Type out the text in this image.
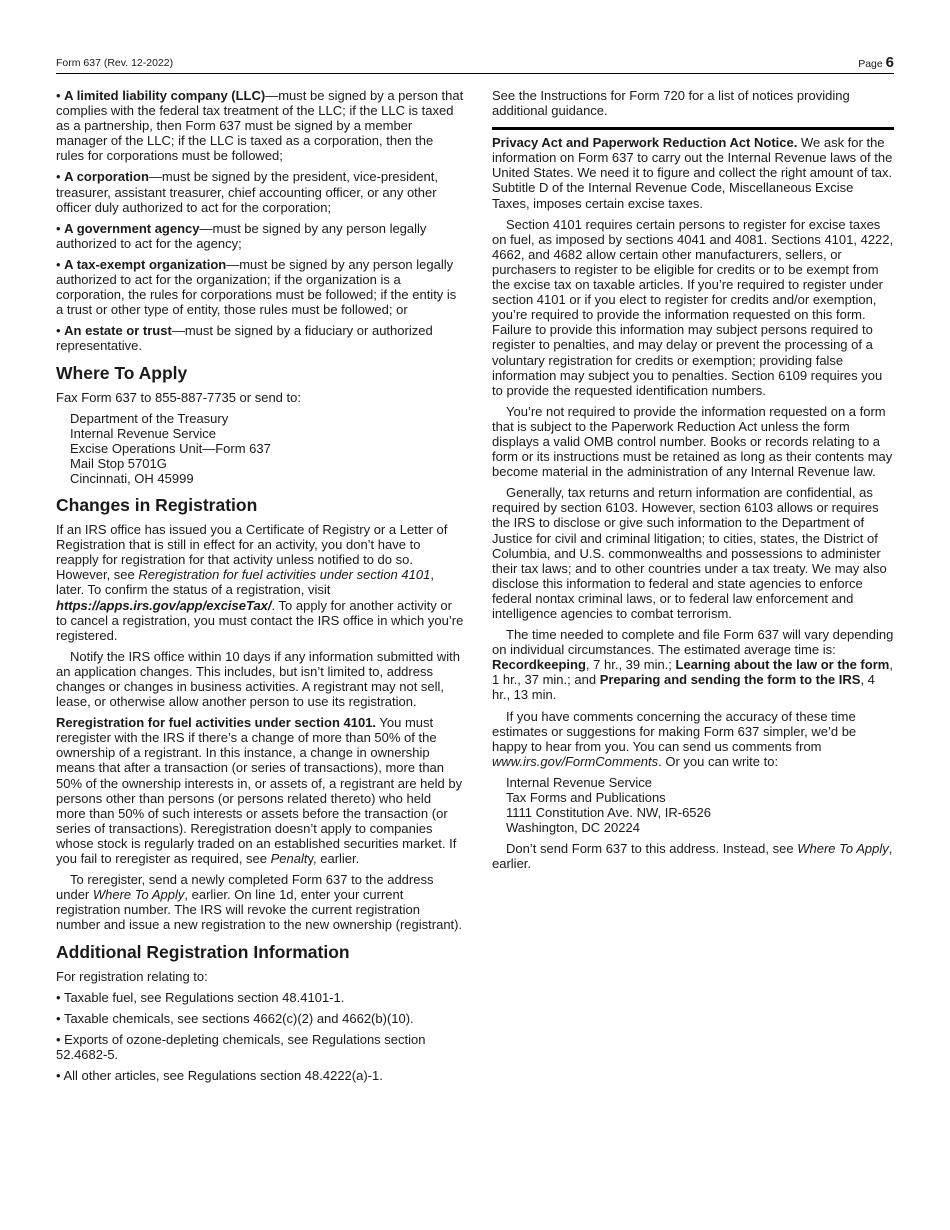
Form 637 (Rev. 12-2022)	Page 6

• A limited liability company (LLC)—must be signed by a person that complies with the federal tax treatment of the LLC; if the LLC is taxed as a partnership, then Form 637 must be signed by a member manager of the LLC; if the LLC is taxed as a corporation, then the rules for corporations must be followed;

• A corporation—must be signed by the president, vice-president, treasurer, assistant treasurer, chief accounting officer, or any other officer duly authorized to act for the corporation;

• A government agency—must be signed by any person legally authorized to act for the agency;

• A tax-exempt organization—must be signed by any person legally authorized to act for the organization; if the organization is a corporation, the rules for corporations must be followed; if the entity is a trust or other type of entity, those rules must be followed; or

• An estate or trust—must be signed by a fiduciary or authorized representative.

Where To Apply

Fax Form 637 to 855-887-7735 or send to:

Department of the Treasury
Internal Revenue Service
Excise Operations Unit—Form 637
Mail Stop 5701G
Cincinnati, OH 45999
Changes in Registration

If an IRS office has issued you a Certificate of Registry or a Letter of Registration that is still in effect for an activity, you don’t have to reapply for registration for that activity unless notified to do so. However, see Reregistration for fuel activities under section 4101, later. To confirm the status of a registration, visit https://apps.irs.gov/app/exciseTax/. To apply for another activity or to cancel a registration, you must contact the IRS office in which you’re registered.

Notify the IRS office within 10 days if any information submitted with an application changes. This includes, but isn’t limited to, address changes or changes in business activities. A registrant may not sell, lease, or otherwise allow another person to use its registration.

Reregistration for fuel activities under section 4101. You must reregister with the IRS if there’s a change of more than 50% of the ownership of a registrant. In this instance, a change in ownership means that after a transaction (or series of transactions), more than 50% of the ownership interests in, or assets of, a registrant are held by persons other than persons (or persons related thereto) who held more than 50% of such interests or assets before the transaction (or series of transactions). Reregistration doesn’t apply to companies whose stock is regularly traded on an established securities market. If you fail to reregister as required, see Penalty, earlier.

To reregister, send a newly completed Form 637 to the address under Where To Apply, earlier. On line 1d, enter your current registration number. The IRS will revoke the current registration number and issue a new registration to the new ownership (registrant).

Additional Registration Information

For registration relating to:

• Taxable fuel, see Regulations section 48.4101-1.

• Taxable chemicals, see sections 4662(c)(2) and 4662(b)(10).

• Exports of ozone-depleting chemicals, see Regulations section 52.4682-5.

• All other articles, see Regulations section 48.4222(a)-1.

See the Instructions for Form 720 for a list of notices providing additional guidance.

Privacy Act and Paperwork Reduction Act Notice. We ask for the information on Form 637 to carry out the Internal Revenue laws of the United States. We need it to figure and collect the right amount of tax. Subtitle D of the Internal Revenue Code, Miscellaneous Excise Taxes, imposes certain excise taxes.

Section 4101 requires certain persons to register for excise taxes on fuel, as imposed by sections 4041 and 4081. Sections 4101, 4222, 4662, and 4682 allow certain other manufacturers, sellers, or purchasers to register to be eligible for credits or to be exempt from the excise tax on taxable articles. If you’re required to register under section 4101 or if you elect to register for credits and/or exemption, you’re required to provide the information requested on this form. Failure to provide this information may subject persons required to register to penalties, and may delay or prevent the processing of a voluntary registration for credits or exemption; providing false information may subject you to penalties. Section 6109 requires you to provide the requested identification numbers.

You’re not required to provide the information requested on a form that is subject to the Paperwork Reduction Act unless the form displays a valid OMB control number. Books or records relating to a form or its instructions must be retained as long as their contents may become material in the administration of any Internal Revenue law.

Generally, tax returns and return information are confidential, as required by section 6103. However, section 6103 allows or requires the IRS to disclose or give such information to the Department of Justice for civil and criminal litigation; to cities, states, the District of Columbia, and U.S. commonwealths and possessions to administer their tax laws; and to other countries under a tax treaty. We may also disclose this information to federal and state agencies to enforce federal nontax criminal laws, or to federal law enforcement and intelligence agencies to combat terrorism.

The time needed to complete and file Form 637 will vary depending on individual circumstances. The estimated average time is: Recordkeeping, 7 hr., 39 min.; Learning about the law or the form, 1 hr., 37 min.; and Preparing and sending the form to the IRS, 4 hr., 13 min.

If you have comments concerning the accuracy of these time estimates or suggestions for making Form 637 simpler, we’d be happy to hear from you. You can send us comments from www.irs.gov/FormComments. Or you can write to:

Internal Revenue Service
Tax Forms and Publications
1111 Constitution Ave. NW, IR-6526
Washington, DC 20224

Don’t send Form 637 to this address. Instead, see Where To Apply, earlier.
